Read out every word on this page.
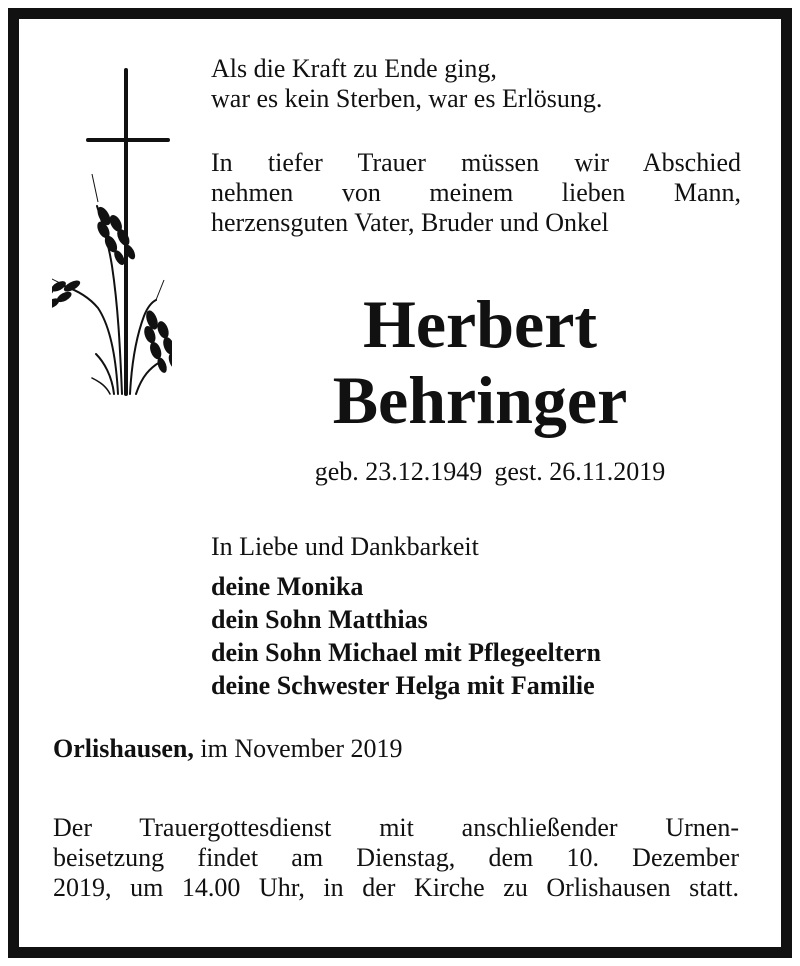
Als die Kraft zu Ende ging,
war es kein Sterben, war es Erlösung.
In tiefer Trauer müssen wir Abschied
nehmen von meinem lieben Mann,
herzensguten Vater, Bruder und Onkel
Herbert
Behringer
geb. 23.12.1949 gest. 26.11.2019
In Liebe und Dankbarkeit
deine Monika
dein Sohn Matthias
dein Sohn Michael mit Pflegeeltern
deine Schwester Helga mit Familie
Orlishausen, im November 2019
Der Trauergottesdienst mit anschließender Urnen-
beisetzung findet am Dienstag, dem 10. Dezember
2019, um 14.00 Uhr, in der Kirche zu Orlishausen statt.
